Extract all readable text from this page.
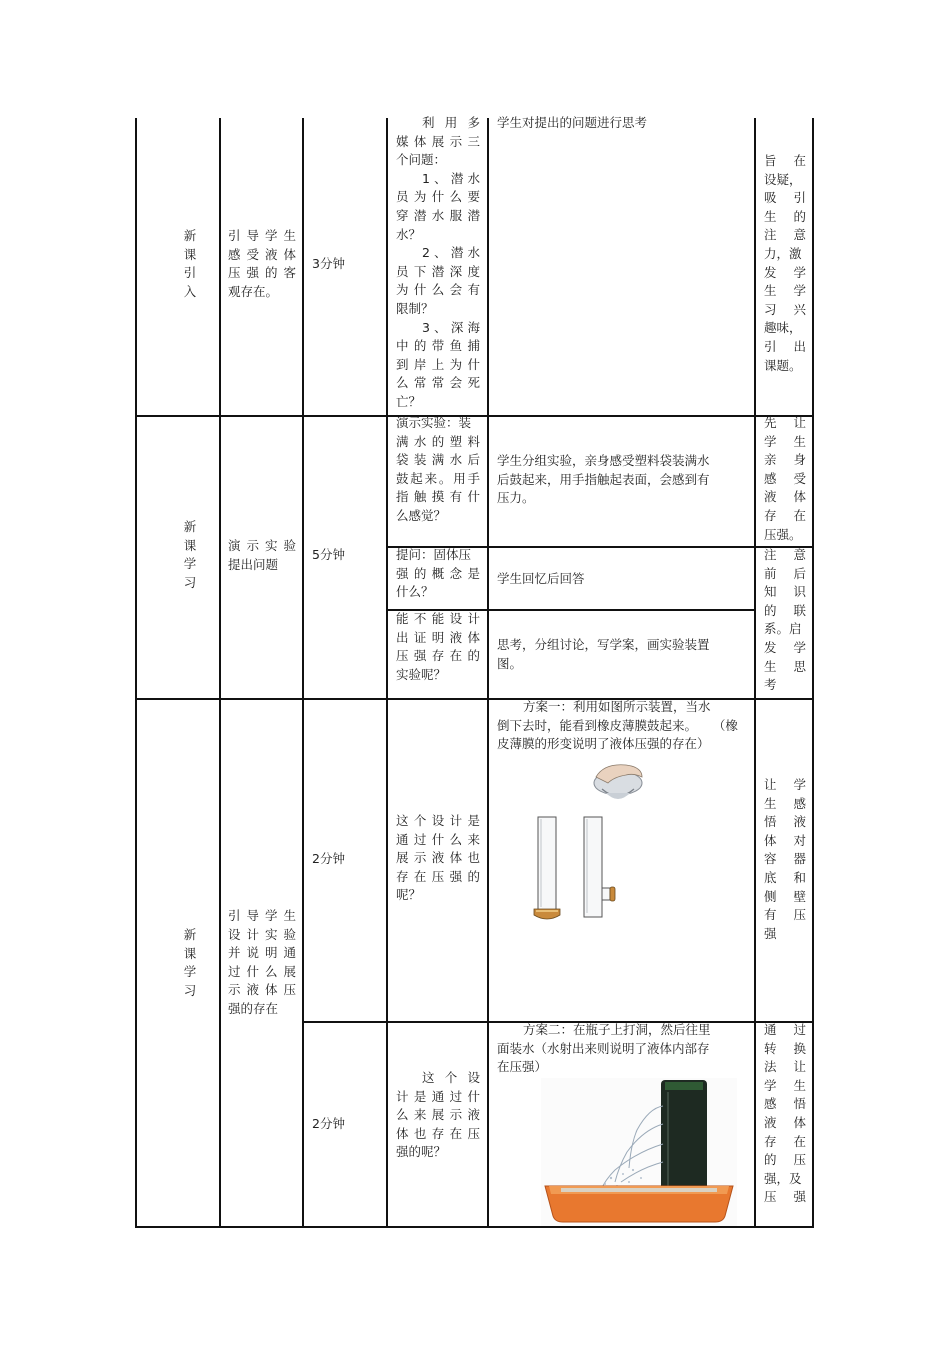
新课引入
引导学生
感受液体
压强的客
观存在。
3分钟
利用多
媒体展示三
个问题：
1、潜水
员为什么要
穿潜水服潜
水？
2、潜水
员下潜深度
为什么会有
限制？
3、深海
中的带鱼捕
到岸上为什
么常常会死
亡？
学生对提出的问题进行思考
旨在
设疑，
吸引
生的
注意
力，激
发学
生学
习兴
趣味，
引出
课题。
新课学习
演示实验
提出问题
5分钟
演示实验：装
满水的塑料
袋装满水后
鼓起来。用手
指触摸有什
么感觉？
学生分组实验，亲身感受塑料袋装满水
后鼓起来，用手指触起表面，会感到有
压力。
先让
学生
亲身
感受
液体
存在
压强。
提问：固体压
强的概念是
什么？
学生回忆后回答
注意
前后
知识
的联
系。启
发学
生思
考
能不能设计
出证明液体
压强存在的
实验呢？
思考，分组讨论，写学案，画实验装置
图。
新课学习
引导学生
设计实验
并说明通
过什么展
示液体压
强的存在
2分钟
这个设计是
通过什么来
展示液体也
存在压强的
呢？
方案一：利用如图所示装置，当水
倒下去时，能看到橡皮薄膜鼓起来。    （橡
皮薄膜的形变说明了液体压强的存在）
让学
生感
悟液
体对
容器
底和
侧壁
有压
强
2分钟
这个设
计是通过什
么来展示液
体也存在压
强的呢？
方案二：在瓶子上打洞，然后往里
面装水（水射出来则说明了液体内部存
在压强）
通过
转换
法让
学生
感悟
液体
存在
的压
强，及
压强
